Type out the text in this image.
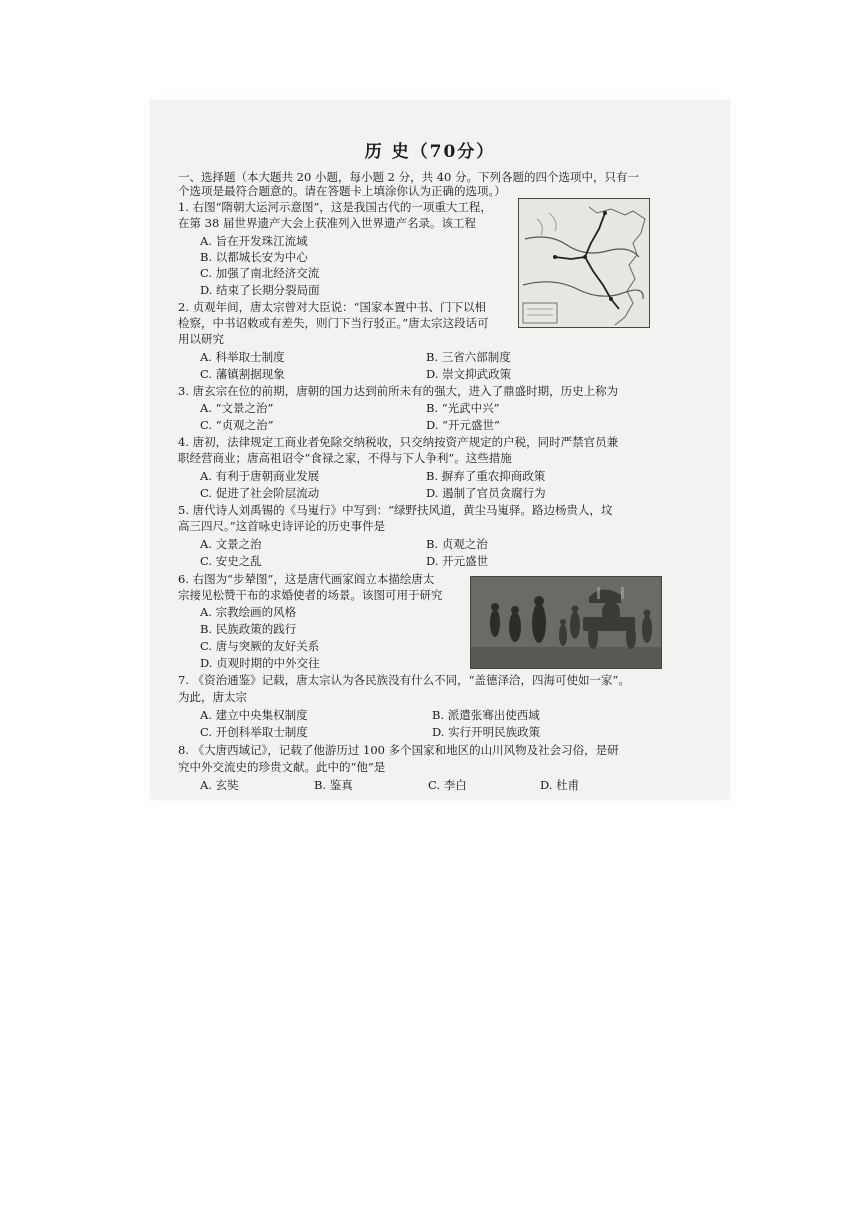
历 史（70分）
一、选择题（本大题共 20 小题，每小题 2 分，共 40 分。下列各题的四个选项中，只有一
个选项是最符合题意的。请在答题卡上填涂你认为正确的选项。）
1. 右图“隋朝大运河示意图”，这是我国古代的一项重大工程，
在第 38 届世界遗产大会上获准列入世界遗产名录。该工程
A. 旨在开发珠江流域
B. 以都城长安为中心
C. 加强了南北经济交流
D. 结束了长期分裂局面
2. 贞观年间，唐太宗曾对大臣说：“国家本置中书、门下以相
检察，中书诏敕或有差失，则门下当行驳正。”唐太宗这段话可
用以研究
A. 科举取士制度	B. 三省六部制度
C. 藩镇割据现象	D. 崇文抑武政策
3. 唐玄宗在位的前期，唐朝的国力达到前所未有的强大，进入了鼎盛时期，历史上称为
A. “文景之治”	B. “光武中兴”
C. “贞观之治”	D. “开元盛世”
4. 唐初，法律规定工商业者免除交纳税收，只交纳按资产规定的户税，同时严禁官员兼
职经营商业；唐高祖诏令“食禄之家，不得与下人争利”。这些措施
A. 有利于唐朝商业发展	B. 摒弃了重农抑商政策
C. 促进了社会阶层流动	D. 遏制了官员贪腐行为
5. 唐代诗人刘禹锡的《马嵬行》中写到：“绿野扶风道，黄尘马嵬驿。路边杨贵人，坟
高三四尺。”这首咏史诗评论的历史事件是
A. 文景之治	B. 贞观之治
C. 安史之乱	D. 开元盛世
6. 右图为“步辇图”，这是唐代画家阎立本描绘唐太
宗接见松赞干布的求婚使者的场景。该图可用于研究
A. 宗教绘画的风格
B. 民族政策的践行
C. 唐与突厥的友好关系
D. 贞观时期的中外交往
7. 《资治通鉴》记载，唐太宗认为各民族没有什么不同，“盖德泽洽，四海可使如一家”。
为此，唐太宗
A. 建立中央集权制度	B. 派遣张骞出使西域
C. 开创科举取士制度	D. 实行开明民族政策
8. 《大唐西域记》，记载了他游历过 100 多个国家和地区的山川风物及社会习俗，是研
究中外交流史的珍贵文献。此中的“他”是
A. 玄奘	B. 鉴真	C. 李白	D. 杜甫
